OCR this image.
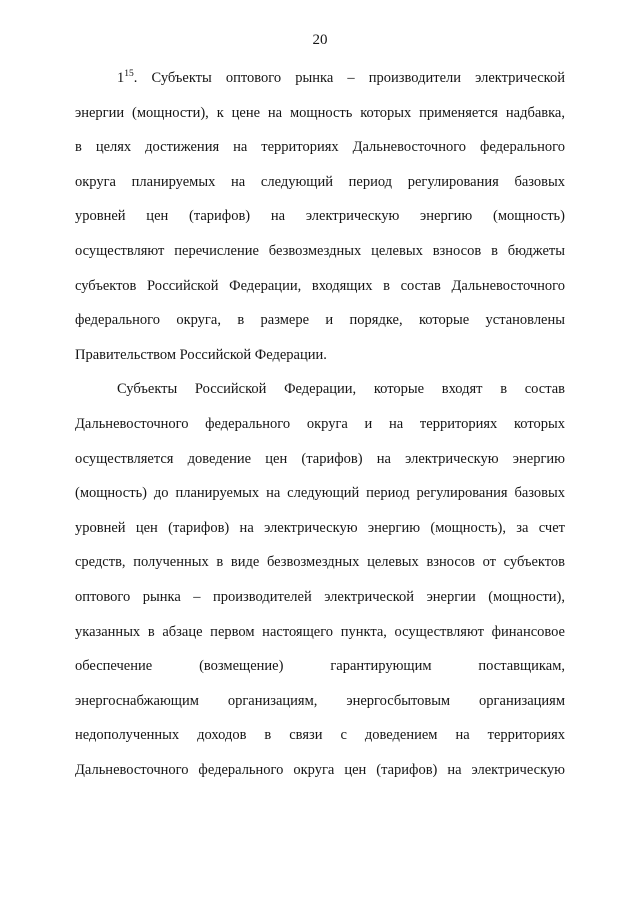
20
$1^{15}$. Субъекты оптового рынка – производители электрической
энергии (мощности), к цене на мощность которых применяется надбавка,
в целях достижения на территориях Дальневосточного федерального
округа планируемых на следующий период регулирования базовых
уровней цен (тарифов) на электрическую энергию (мощность)
осуществляют перечисление безвозмездных целевых взносов в бюджеты
субъектов Российской Федерации, входящих в состав Дальневосточного
федерального округа, в размере и порядке, которые установлены
Правительством Российской Федерации.
Субъекты Российской Федерации, которые входят в состав
Дальневосточного федерального округа и на территориях которых
осуществляется доведение цен (тарифов) на электрическую энергию
(мощность) до планируемых на следующий период регулирования базовых
уровней цен (тарифов) на электрическую энергию (мощность), за счет
средств, полученных в виде безвозмездных целевых взносов от субъектов
оптового рынка – производителей электрической энергии (мощности),
указанных в абзаце первом настоящего пункта, осуществляют финансовое
обеспечение (возмещение) гарантирующим поставщикам,
энергоснабжающим организациям, энергосбытовым организациям
недополученных доходов в связи с доведением на территориях
Дальневосточного федерального округа цен (тарифов) на электрическую
